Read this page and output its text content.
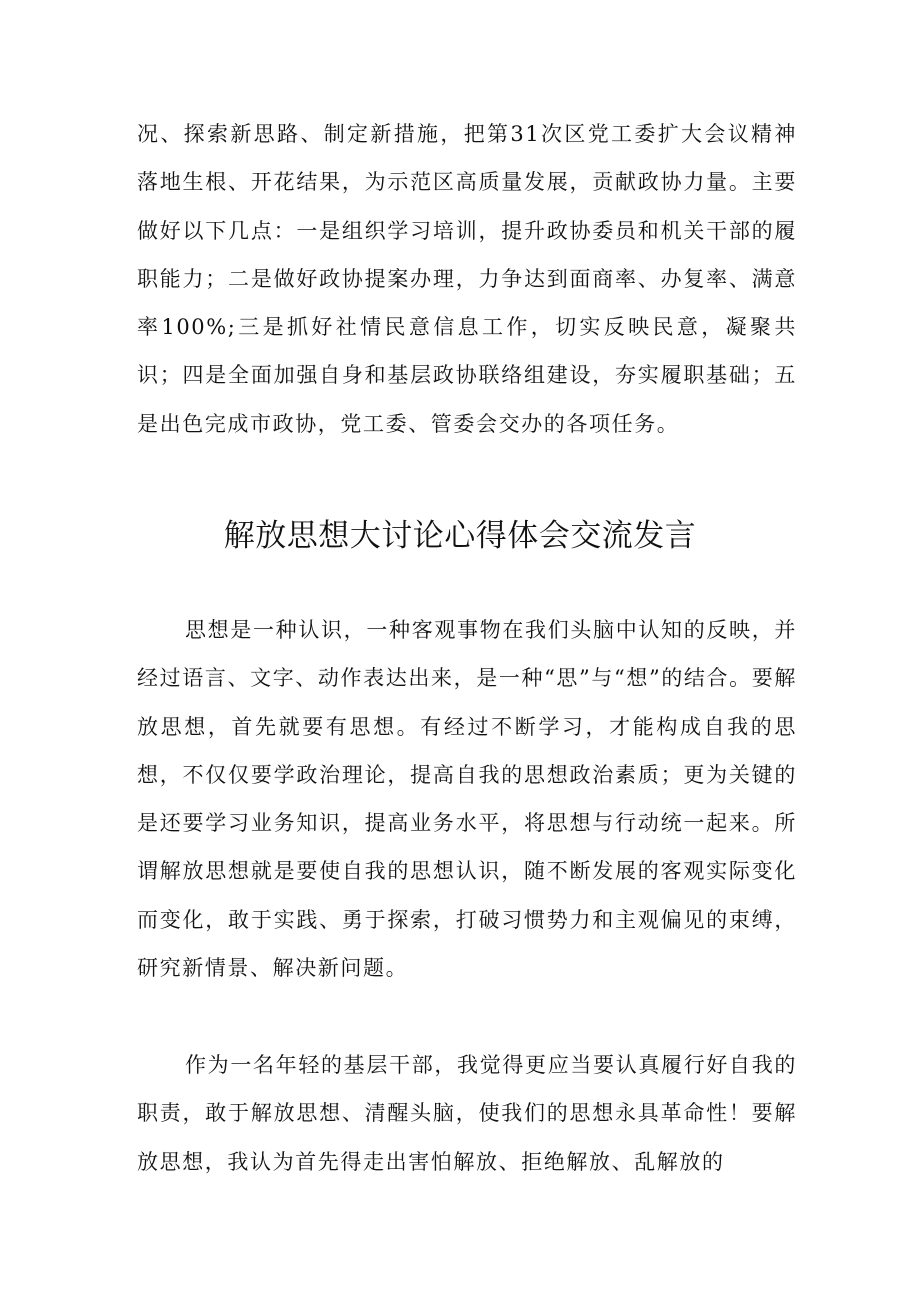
况、探索新思路、制定新措施，把第31次区党工委扩大会议精神落地生根、开花结果，为示范区高质量发展，贡献政协力量。主要做好以下几点：一是组织学习培训，提升政协委员和机关干部的履职能力；二是做好政协提案办理，力争达到面商率、办复率、满意率100%;三是抓好社情民意信息工作，切实反映民意，凝聚共识；四是全面加强自身和基层政协联络组建设，夯实履职基础；五是出色完成市政协，党工委、管委会交办的各项任务。

解放思想大讨论心得体会交流发言

思想是一种认识，一种客观事物在我们头脑中认知的反映，并经过语言、文字、动作表达出来，是一种“思”与“想”的结合。要解放思想，首先就要有思想。有经过不断学习，才能构成自我的思想，不仅仅要学政治理论，提高自我的思想政治素质；更为关键的是还要学习业务知识，提高业务水平，将思想与行动统一起来。所谓解放思想就是要使自我的思想认识，随不断发展的客观实际变化而变化，敢于实践、勇于探索，打破习惯势力和主观偏见的束缚，研究新情景、解决新问题。

作为一名年轻的基层干部，我觉得更应当要认真履行好自我的职责，敢于解放思想、清醒头脑，使我们的思想永具革命性！要解放思想，我认为首先得走出害怕解放、拒绝解放、乱解放的
